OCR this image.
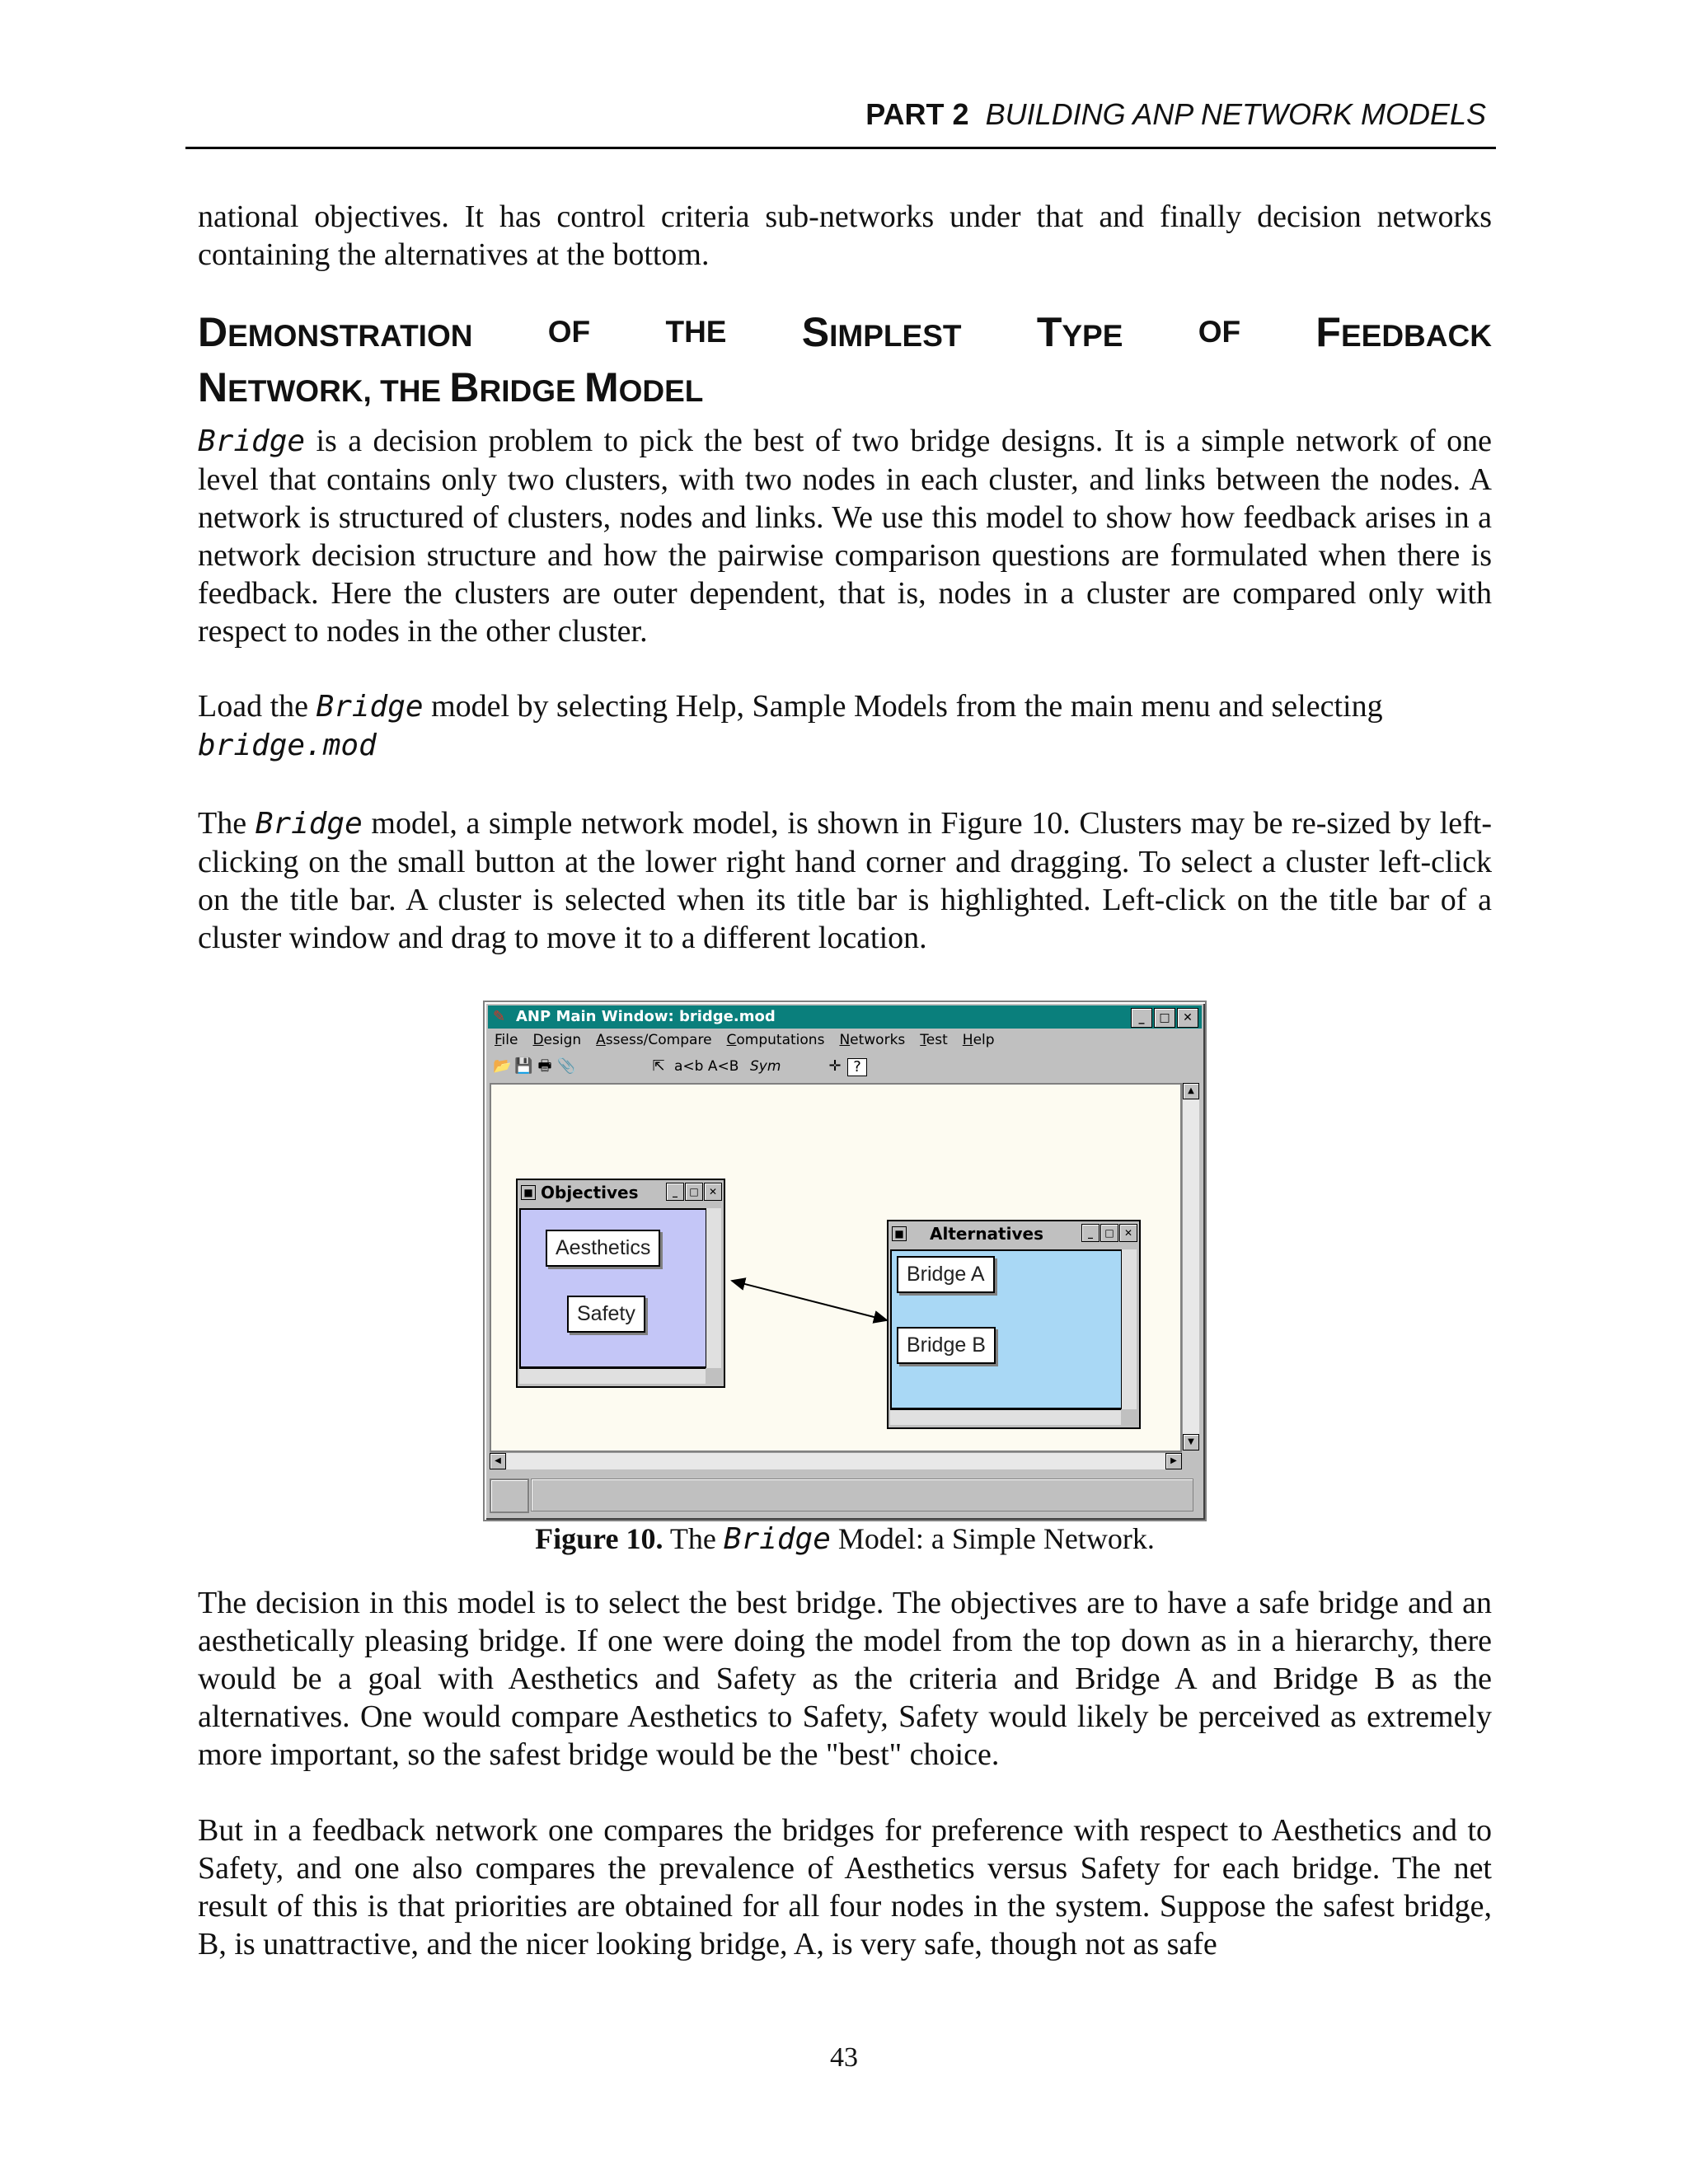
PART 2 BUILDING ANP NETWORK MODELS
national objectives. It has control criteria sub-networks under that and finally decision networks containing the alternatives at the bottom.
DEMONSTRATION OF THE SIMPLEST TYPE OF FEEDBACK
NETWORK, THE BRIDGE MODEL
Bridge is a decision problem to pick the best of two bridge designs. It is a simple network of one level that contains only two clusters, with two nodes in each cluster, and links between the nodes. A network is structured of clusters, nodes and links. We use this model to show how feedback arises in a network decision structure and how the pairwise comparison questions are formulated when there is feedback. Here the clusters are outer dependent, that is, nodes in a cluster are compared only with respect to nodes in the other cluster.
Load the Bridge model by selecting Help, Sample Models from the main menu and selecting
bridge.mod
The Bridge model, a simple network model, is shown in Figure 10. Clusters may be re-sized by left-clicking on the small button at the lower right hand corner and dragging. To select a cluster left-click on the title bar. A cluster is selected when its title bar is highlighted. Left-click on the title bar of a cluster window and drag to move it to a different location.
✎ ANP Main Window: bridge.mod	_	□	✕
File Design Assess/Compare Computations Networks Test Help
📂 💾 🖶 📎	⇱ a<b A<B Sym	✛ ?
■ Objectives	_	□	✕
Aesthetics
Safety
■ Alternatives	_	□	✕
Bridge A
Bridge B
▲
▼
◀	▶
Figure 10. The Bridge Model: a Simple Network.
The decision in this model is to select the best bridge. The objectives are to have a safe bridge and an aesthetically pleasing bridge. If one were doing the model from the top down as in a hierarchy, there would be a goal with Aesthetics and Safety as the criteria and Bridge A and Bridge B as the alternatives. One would compare Aesthetics to Safety, Safety would likely be perceived as extremely more important, so the safest bridge would be the "best" choice.
But in a feedback network one compares the bridges for preference with respect to Aesthetics and to Safety, and one also compares the prevalence of Aesthetics versus Safety for each bridge. The net result of this is that priorities are obtained for all four nodes in the system. Suppose the safest bridge, B, is unattractive, and the nicer looking bridge, A, is very safe, though not as safe
43
